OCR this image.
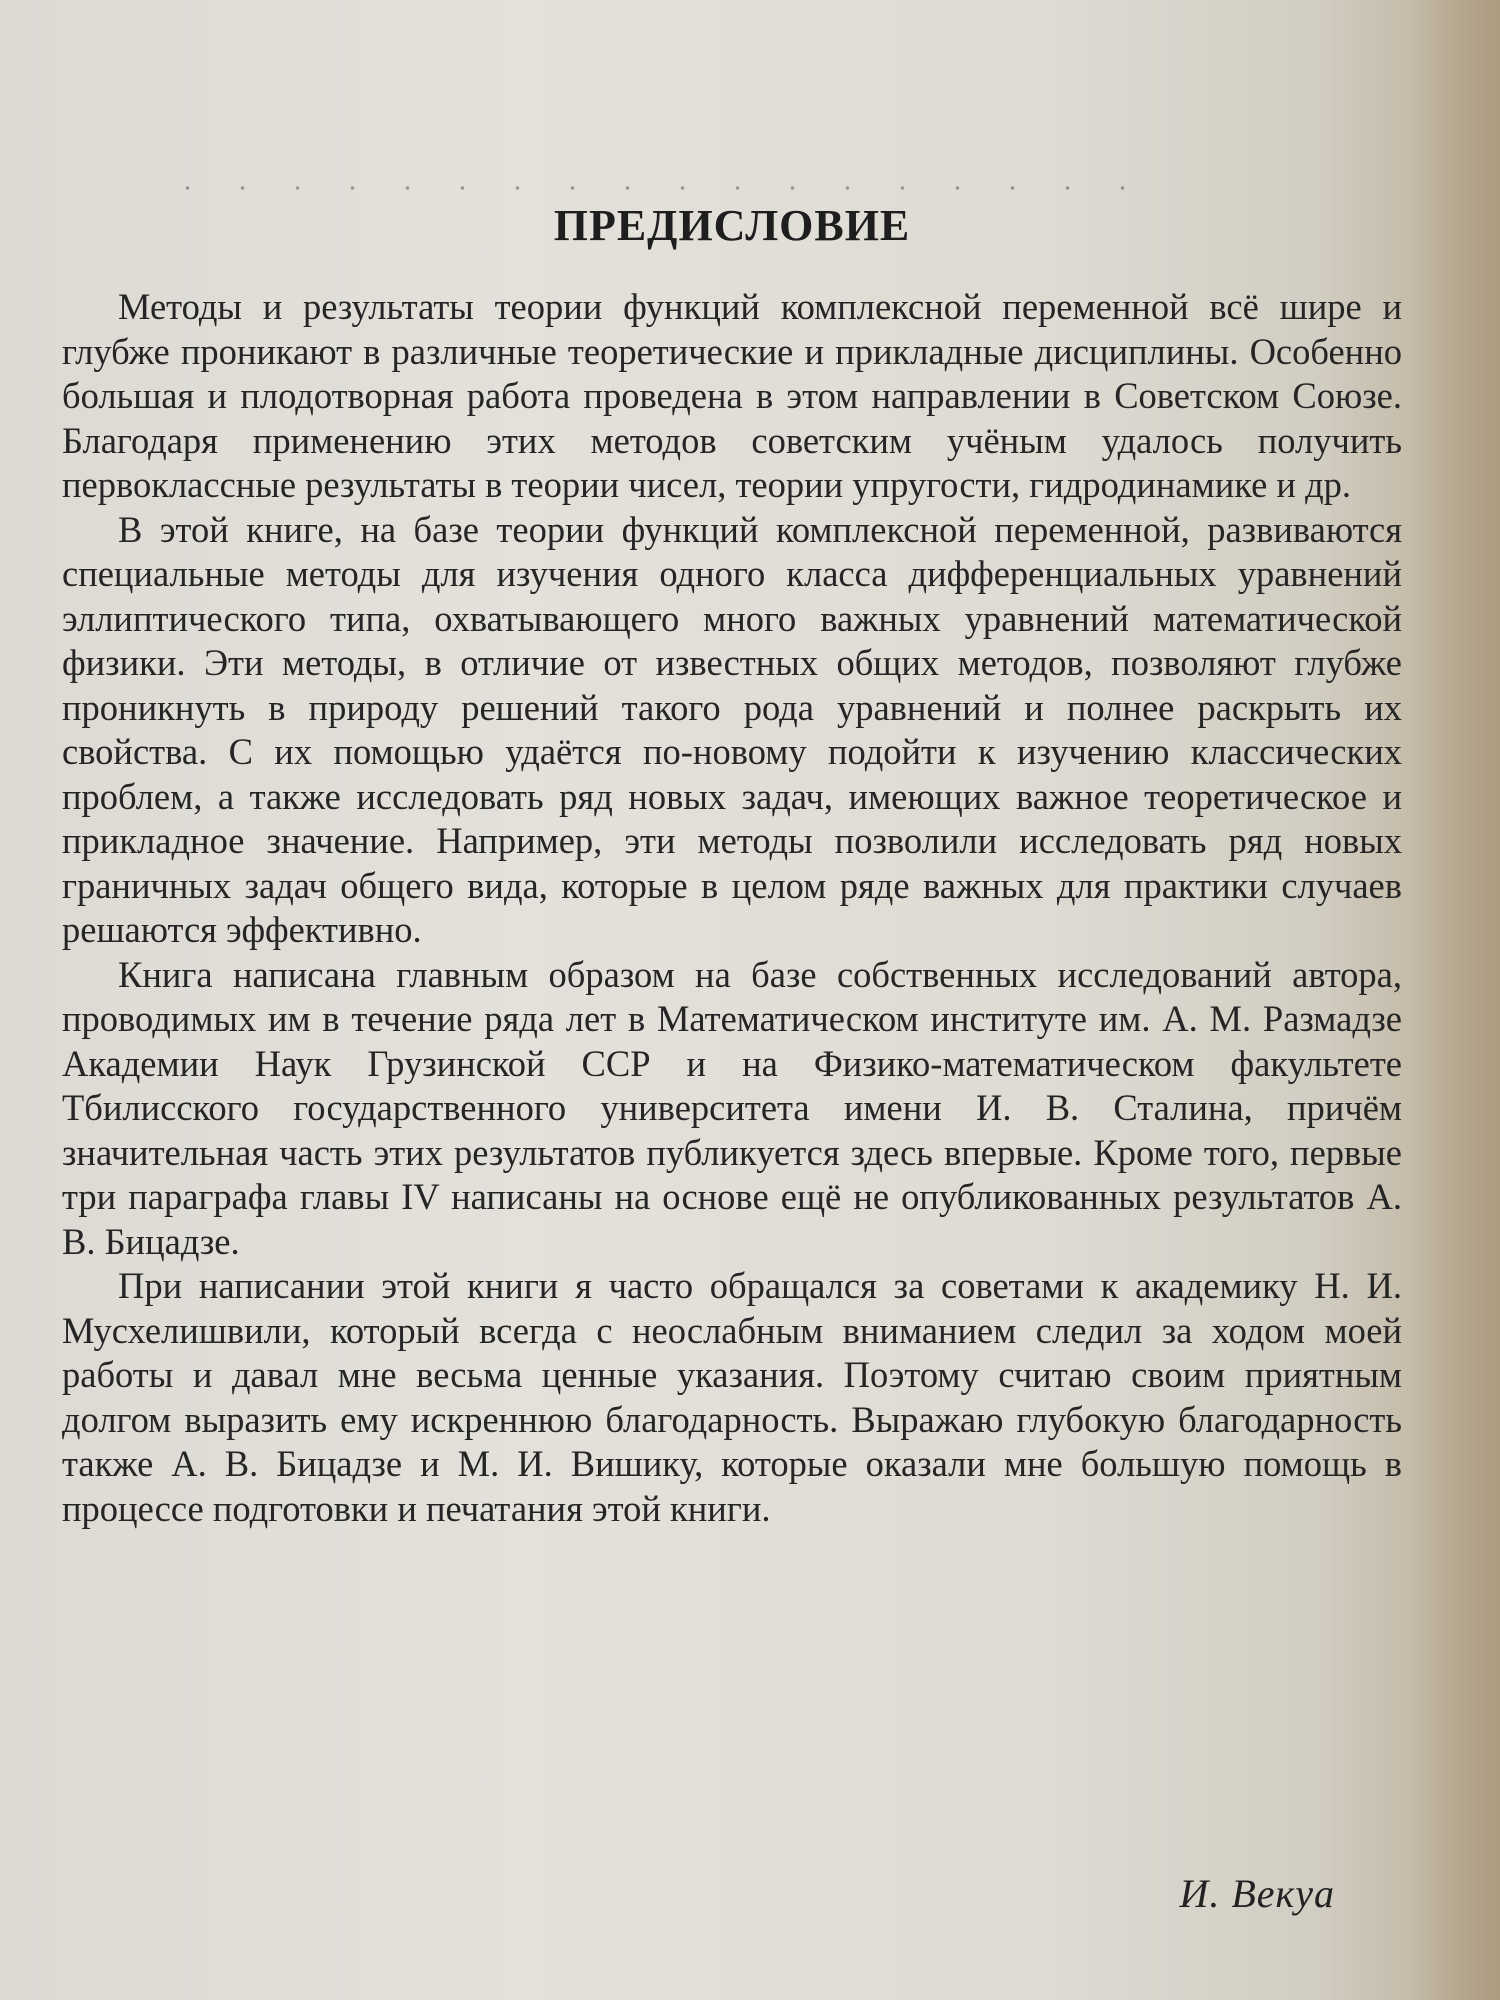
ПРЕДИСЛОВИЕ

Методы и результаты теории функций комплексной переменной всё шире и глубже проникают в различные теоретические и прикладные дисциплины. Особенно большая и плодотворная работа проведена в этом направлении в Советском Союзе. Благодаря применению этих методов советским учёным удалось получить первоклассные результаты в теории чисел, теории упругости, гидродинамике и др.

В этой книге, на базе теории функций комплексной переменной, развиваются специальные методы для изучения одного класса дифференциальных уравнений эллиптического типа, охватывающего много важных уравнений математической физики. Эти методы, в отличие от известных общих методов, позволяют глубже проникнуть в природу решений такого рода уравнений и полнее раскрыть их свойства. С их помощью удаётся по-новому подойти к изучению классических проблем, а также исследовать ряд новых задач, имеющих важное теоретическое и прикладное значение. Например, эти методы позволили исследовать ряд новых граничных задач общего вида, которые в целом ряде важных для практики случаев решаются эффективно.

Книга написана главным образом на базе собственных исследований автора, проводимых им в течение ряда лет в Математическом институте им. А. М. Размадзе Академии Наук Грузинской ССР и на Физико-математическом факультете Тбилисского государственного университета имени И. В. Сталина, причём значительная часть этих результатов публикуется здесь впервые. Кроме того, первые три параграфа главы IV написаны на основе ещё не опубликованных результатов А. В. Бицадзе.

При написании этой книги я часто обращался за советами к академику Н. И. Мусхелишвили, который всегда с неослабным вниманием следил за ходом моей работы и давал мне весьма ценные указания. Поэтому считаю своим приятным долгом выразить ему искреннюю благодарность. Выражаю глубокую благодарность также А. В. Бицадзе и М. И. Вишику, которые оказали мне большую помощь в процессе подготовки и печатания этой книги.

И. Векуа
